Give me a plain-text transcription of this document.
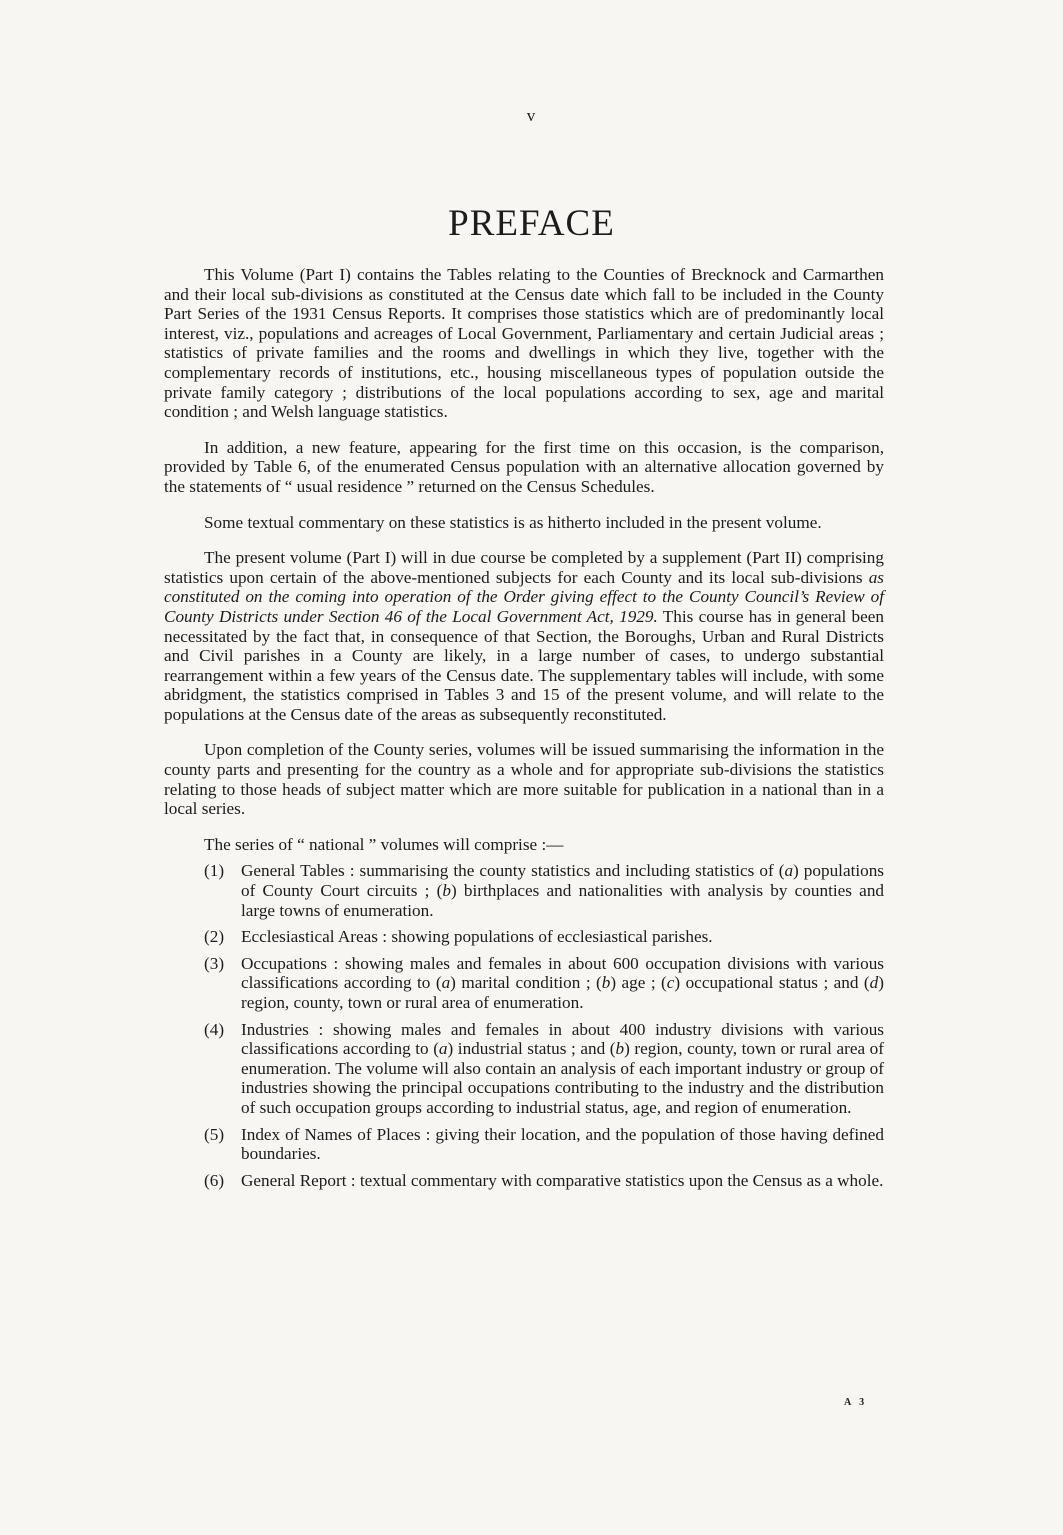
v
PREFACE

This Volume (Part I) contains the Tables relating to the Counties of Brecknock and Carmarthen and their local sub-divisions as constituted at the Census date which fall to be included in the County Part Series of the 1931 Census Reports. It comprises those statistics which are of predominantly local interest, viz., populations and acreages of Local Government, Parliamentary and certain Judicial areas ; statistics of private families and the rooms and dwellings in which they live, together with the complementary records of institutions, etc., housing miscellaneous types of population outside the private family category ; distributions of the local populations according to sex, age and marital condition ; and Welsh language statistics.

In addition, a new feature, appearing for the first time on this occasion, is the comparison, provided by Table 6, of the enumerated Census population with an alternative allocation governed by the statements of “ usual residence ” returned on the Census Schedules.

Some textual commentary on these statistics is as hitherto included in the present volume.

The present volume (Part I) will in due course be completed by a supplement (Part II) comprising statistics upon certain of the above-mentioned subjects for each County and its local sub-divisions as constituted on the coming into operation of the Order giving effect to the County Council’s Review of County Districts under Section 46 of the Local Government Act, 1929. This course has in general been necessitated by the fact that, in consequence of that Section, the Boroughs, Urban and Rural Districts and Civil parishes in a County are likely, in a large number of cases, to undergo substantial rearrangement within a few years of the Census date. The supplementary tables will include, with some abridgment, the statistics comprised in Tables 3 and 15 of the present volume, and will relate to the populations at the Census date of the areas as subsequently reconstituted.

Upon completion of the County series, volumes will be issued summarising the information in the county parts and presenting for the country as a whole and for appropriate sub-divisions the statistics relating to those heads of subject matter which are more suitable for publication in a national than in a local series.

The series of “ national ” volumes will comprise :—

(1) General Tables : summarising the county statistics and including statistics of (a) populations of County Court circuits ; (b) birthplaces and nationalities with analysis by counties and large towns of enumeration.
(2) Ecclesiastical Areas : showing populations of ecclesiastical parishes.
(3) Occupations : showing males and females in about 600 occupation divisions with various classifications according to (a) marital condition ; (b) age ; (c) occupational status ; and (d) region, county, town or rural area of enumeration.
(4) Industries : showing males and females in about 400 industry divisions with various classifications according to (a) industrial status ; and (b) region, county, town or rural area of enumeration. The volume will also contain an analysis of each important industry or group of industries showing the principal occupations contributing to the industry and the distribution of such occupation groups according to industrial status, age, and region of enumeration.
(5) Index of Names of Places : giving their location, and the population of those having defined boundaries.
(6) General Report : textual commentary with comparative statistics upon the Census as a whole.
A 3
